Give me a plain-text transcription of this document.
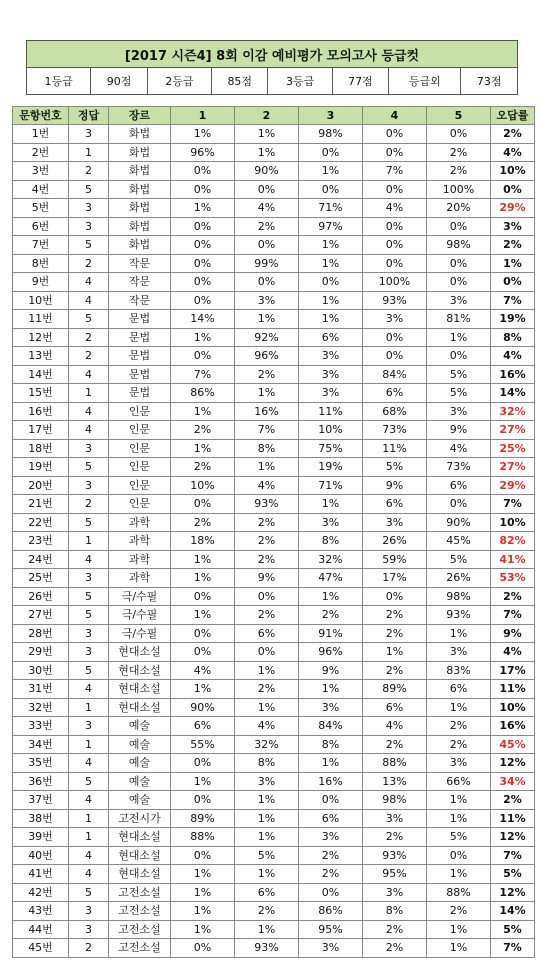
[2017 시즌4] 8회 이감 예비평가 모의고사 등급컷
1등급	90점	2등급	85점	3등급	77점	등급외	73점
문항번호	정답	장르	1	2	3	4	5	오답률
1번	3	화법	1%	1%	98%	0%	0%	2%
2번	1	화법	96%	1%	0%	0%	2%	4%
3번	2	화법	0%	90%	1%	7%	2%	10%
4번	5	화법	0%	0%	0%	0%	100%	0%
5번	3	화법	1%	4%	71%	4%	20%	29%
6번	3	화법	0%	2%	97%	0%	0%	3%
7번	5	화법	0%	0%	1%	0%	98%	2%
8번	2	작문	0%	99%	1%	0%	0%	1%
9번	4	작문	0%	0%	0%	100%	0%	0%
10번	4	작문	0%	3%	1%	93%	3%	7%
11번	5	문법	14%	1%	1%	3%	81%	19%
12번	2	문법	1%	92%	6%	0%	1%	8%
13번	2	문법	0%	96%	3%	0%	0%	4%
14번	4	문법	7%	2%	3%	84%	5%	16%
15번	1	문법	86%	1%	3%	6%	5%	14%
16번	4	인문	1%	16%	11%	68%	3%	32%
17번	4	인문	2%	7%	10%	73%	9%	27%
18번	3	인문	1%	8%	75%	11%	4%	25%
19번	5	인문	2%	1%	19%	5%	73%	27%
20번	3	인문	10%	4%	71%	9%	6%	29%
21번	2	인문	0%	93%	1%	6%	0%	7%
22번	5	과학	2%	2%	3%	3%	90%	10%
23번	1	과학	18%	2%	8%	26%	45%	82%
24번	4	과학	1%	2%	32%	59%	5%	41%
25번	3	과학	1%	9%	47%	17%	26%	53%
26번	5	극/수필	0%	0%	1%	0%	98%	2%
27번	5	극/수필	1%	2%	2%	2%	93%	7%
28번	3	극/수필	0%	6%	91%	2%	1%	9%
29번	3	현대소설	0%	0%	96%	1%	3%	4%
30번	5	현대소설	4%	1%	9%	2%	83%	17%
31번	4	현대소설	1%	2%	1%	89%	6%	11%
32번	1	현대소설	90%	1%	3%	6%	1%	10%
33번	3	예술	6%	4%	84%	4%	2%	16%
34번	1	예술	55%	32%	8%	2%	2%	45%
35번	4	예술	0%	8%	1%	88%	3%	12%
36번	5	예술	1%	3%	16%	13%	66%	34%
37번	4	예술	0%	1%	0%	98%	1%	2%
38번	1	고전시가	89%	1%	6%	3%	1%	11%
39번	1	현대소설	88%	1%	3%	2%	5%	12%
40번	4	현대소설	0%	5%	2%	93%	0%	7%
41번	4	현대소설	1%	1%	2%	95%	1%	5%
42번	5	고전소설	1%	6%	0%	3%	88%	12%
43번	3	고전소설	1%	2%	86%	8%	2%	14%
44번	3	고전소설	1%	1%	95%	2%	1%	5%
45번	2	고전소설	0%	93%	3%	2%	1%	7%
